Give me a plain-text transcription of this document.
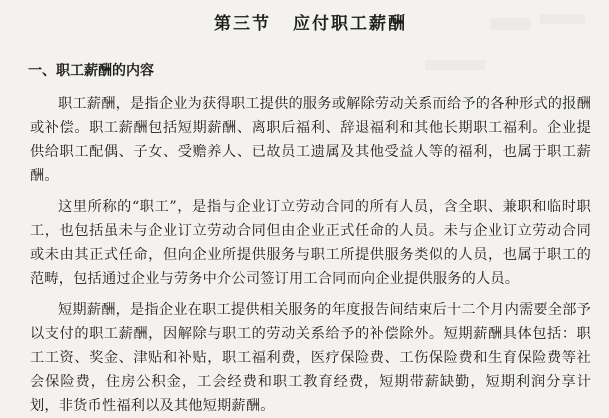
第三节 应付职工薪酬
一、职工薪酬的内容

职工薪酬，是指企业为获得职工提供的服务或解除劳动关系而给予的各种形式的报酬或补偿。职工薪酬包括短期薪酬、离职后福利、辞退福利和其他长期职工福利。企业提供给职工配偶、子女、受赡养人、已故员工遗属及其他受益人等的福利，也属于职工薪酬。

这里所称的“职工”，是指与企业订立劳动合同的所有人员，含全职、兼职和临时职工，也包括虽未与企业订立劳动合同但由企业正式任命的人员。未与企业订立劳动合同或未由其正式任命，但向企业所提供服务与职工所提供服务类似的人员，也属于职工的范畴，包括通过企业与劳务中介公司签订用工合同而向企业提供服务的人员。

短期薪酬，是指企业在职工提供相关服务的年度报告间结束后十二个月内需要全部予以支付的职工薪酬，因解除与职工的劳动关系给予的补偿除外。短期薪酬具体包括：职工工资、奖金、津贴和补贴，职工福利费，医疗保险费、工伤保险费和生育保险费等社会保险费，住房公积金，工会经费和职工教育经费，短期带薪缺勤，短期利润分享计划，非货币性福利以及其他短期薪酬。
